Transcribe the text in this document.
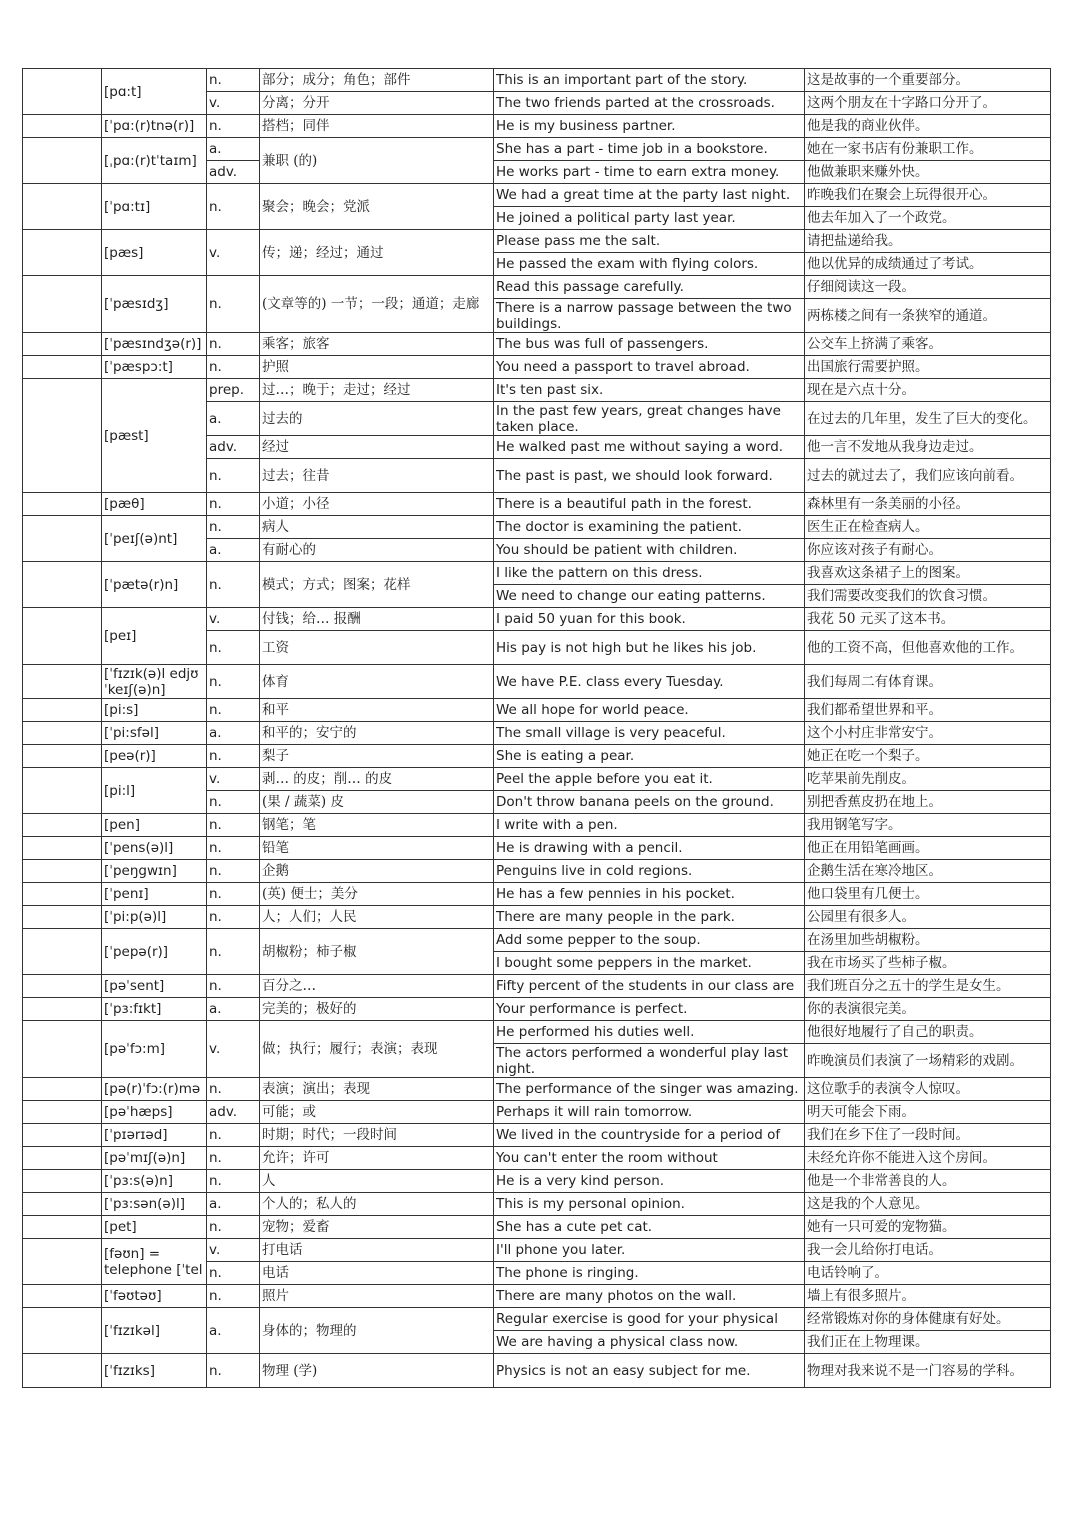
	[pɑ:t]	n.	部分；成分；角色；部件	This is an important part of the story.	这是故事的一个重要部分。
		v.	分离；分开	The two friends parted at the crossroads.	这两个朋友在十字路口分开了。
	[ˈpɑ:(r)tnə(r)]	n.	搭档；同伴	He is my business partner.	他是我的商业伙伴。
	[ˌpɑ:(r)tˈtaɪm]	a.	兼职 (的)	She has a part - time job in a bookstore.	她在一家书店有份兼职工作。
		adv.		He works part - time to earn extra money.	他做兼职来赚外快。
	[ˈpɑ:tɪ]	n.	聚会；晚会；党派	We had a great time at the party last night.	昨晚我们在聚会上玩得很开心。
				He joined a political party last year.	他去年加入了一个政党。
	[pæs]	v.	传；递；经过；通过	Please pass me the salt.	请把盐递给我。
				He passed the exam with flying colors.	他以优异的成绩通过了考试。
	[ˈpæsɪdʒ]	n.	(文章等的) 一节；一段；通道；走廊	Read this passage carefully.	仔细阅读这一段。
				There is a narrow passage between the two buildings.	两栋楼之间有一条狭窄的通道。
	[ˈpæsɪndʒə(r)]	n.	乘客；旅客	The bus was full of passengers.	公交车上挤满了乘客。
	[ˈpæspɔ:t]	n.	护照	You need a passport to travel abroad.	出国旅行需要护照。
	[pæst]	prep.	过…；晚于；走过；经过	It's ten past six.	现在是六点十分。
		a.	过去的	In the past few years, great changes have taken place.	在过去的几年里，发生了巨大的变化。
		adv.	经过	He walked past me without saying a word.	他一言不发地从我身边走过。
		n.	过去；往昔	The past is past, we should look forward.	过去的就过去了，我们应该向前看。
	[pæθ]	n.	小道；小径	There is a beautiful path in the forest.	森林里有一条美丽的小径。
	[ˈpeɪʃ(ə)nt]	n.	病人	The doctor is examining the patient.	医生正在检查病人。
		a.	有耐心的	You should be patient with children.	你应该对孩子有耐心。
	[ˈpætə(r)n]	n.	模式；方式；图案；花样	I like the pattern on this dress.	我喜欢这条裙子上的图案。
				We need to change our eating patterns.	我们需要改变我们的饮食习惯。
	[peɪ]	v.	付钱；给… 报酬	I paid 50 yuan for this book.	我花 50 元买了这本书。
		n.	工资	His pay is not high but he likes his job.	他的工资不高，但他喜欢他的工作。
	[ˈfɪzɪk(ə)l edjʊˈkeɪʃ(ə)n]	n.	体育	We have P.E. class every Tuesday.	我们每周二有体育课。
	[pi:s]	n.	和平	We all hope for world peace.	我们都希望世界和平。
	[ˈpi:sfəl]	a.	和平的；安宁的	The small village is very peaceful.	这个小村庄非常安宁。
	[peə(r)]	n.	梨子	She is eating a pear.	她正在吃一个梨子。
	[pi:l]	v.	剥… 的皮；削… 的皮	Peel the apple before you eat it.	吃苹果前先削皮。
		n.	(果 / 蔬菜) 皮	Don't throw banana peels on the ground.	别把香蕉皮扔在地上。
	[pen]	n.	钢笔；笔	I write with a pen.	我用钢笔写字。
	[ˈpens(ə)l]	n.	铅笔	He is drawing with a pencil.	他正在用铅笔画画。
	[ˈpeŋgwɪn]	n.	企鹅	Penguins live in cold regions.	企鹅生活在寒冷地区。
	[ˈpenɪ]	n.	(英) 便士；美分	He has a few pennies in his pocket.	他口袋里有几便士。
	[ˈpi:p(ə)l]	n.	人；人们；人民	There are many people in the park.	公园里有很多人。
	[ˈpepə(r)]	n.	胡椒粉；柿子椒	Add some pepper to the soup.	在汤里加些胡椒粉。
				I bought some peppers in the market.	我在市场买了些柿子椒。
	[pəˈsent]	n.	百分之…	Fifty percent of the students in our class are	我们班百分之五十的学生是女生。
	[ˈpɜ:fɪkt]	a.	完美的；极好的	Your performance is perfect.	你的表演很完美。
	[pəˈfɔ:m]	v.	做；执行；履行；表演；表现	He performed his duties well.	他很好地履行了自己的职责。
				The actors performed a wonderful play last night.	昨晚演员们表演了一场精彩的戏剧。
	[pə(r)ˈfɔ:(r)mə	n.	表演；演出；表现	The performance of the singer was amazing.	这位歌手的表演令人惊叹。
	[pəˈhæps]	adv.	可能；或	Perhaps it will rain tomorrow.	明天可能会下雨。
	[ˈpɪərɪəd]	n.	时期；时代；一段时间	We lived in the countryside for a period of	我们在乡下住了一段时间。
	[pəˈmɪʃ(ə)n]	n.	允许；许可	You can't enter the room without	未经允许你不能进入这个房间。
	[ˈpɜ:s(ə)n]	n.	人	He is a very kind person.	他是一个非常善良的人。
	[ˈpɜ:sən(ə)l]	a.	个人的；私人的	This is my personal opinion.	这是我的个人意见。
	[pet]	n.	宠物；爱畜	She has a cute pet cat.	她有一只可爱的宠物猫。
	[fəʊn] = telephone [ˈtel	v.	打电话	I'll phone you later.	我一会儿给你打电话。
		n.	电话	The phone is ringing.	电话铃响了。
	[ˈfəʊtəʊ]	n.	照片	There are many photos on the wall.	墙上有很多照片。
	[ˈfɪzɪkəl]	a.	身体的；物理的	Regular exercise is good for your physical	经常锻炼对你的身体健康有好处。
				We are having a physical class now.	我们正在上物理课。
	[ˈfɪzɪks]	n.	物理 (学)	Physics is not an easy subject for me.	物理对我来说不是一门容易的学科。
